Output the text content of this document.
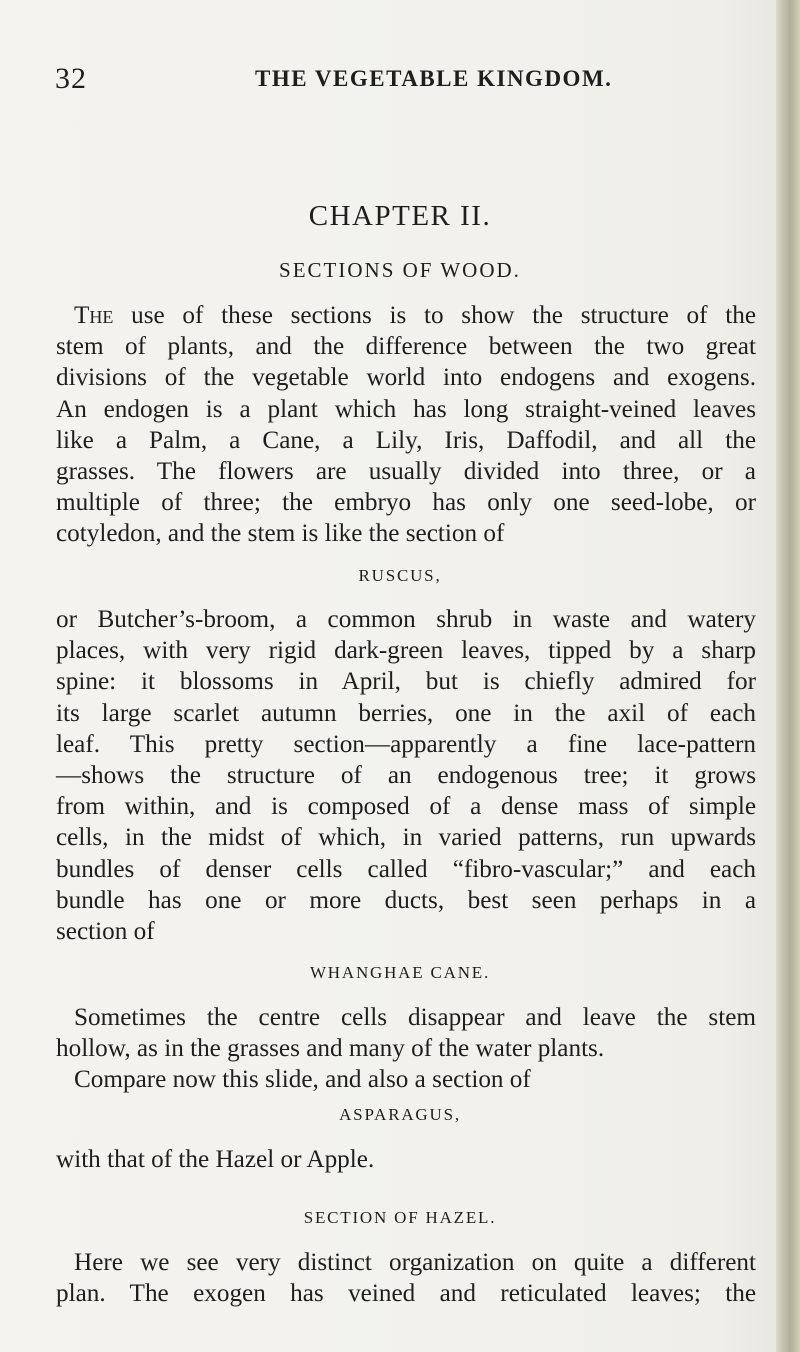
32	THE VEGETABLE KINGDOM.
CHAPTER II.
SECTIONS OF WOOD.
The use of these sections is to show the structure of the
stem of plants, and the difference between the two great
divisions of the vegetable world into endogens and exogens.
An endogen is a plant which has long straight-veined leaves
like a Palm, a Cane, a Lily, Iris, Daffodil, and all the
grasses. The flowers are usually divided into three, or a
multiple of three; the embryo has only one seed-lobe, or
cotyledon, and the stem is like the section of
RUSCUS,
or Butcher’s-broom, a common shrub in waste and watery
places, with very rigid dark-green leaves, tipped by a sharp
spine: it blossoms in April, but is chiefly admired for
its large scarlet autumn berries, one in the axil of each
leaf. This pretty section—apparently a fine lace-pattern
—shows the structure of an endogenous tree; it grows
from within, and is composed of a dense mass of simple
cells, in the midst of which, in varied patterns, run upwards
bundles of denser cells called “fibro-vascular;” and each
bundle has one or more ducts, best seen perhaps in a
section of
WHANGHAE CANE.
Sometimes the centre cells disappear and leave the stem
hollow, as in the grasses and many of the water plants.
Compare now this slide, and also a section of
ASPARAGUS,
with that of the Hazel or Apple.
SECTION OF HAZEL.
Here we see very distinct organization on quite a different
plan. The exogen has veined and reticulated leaves; the
